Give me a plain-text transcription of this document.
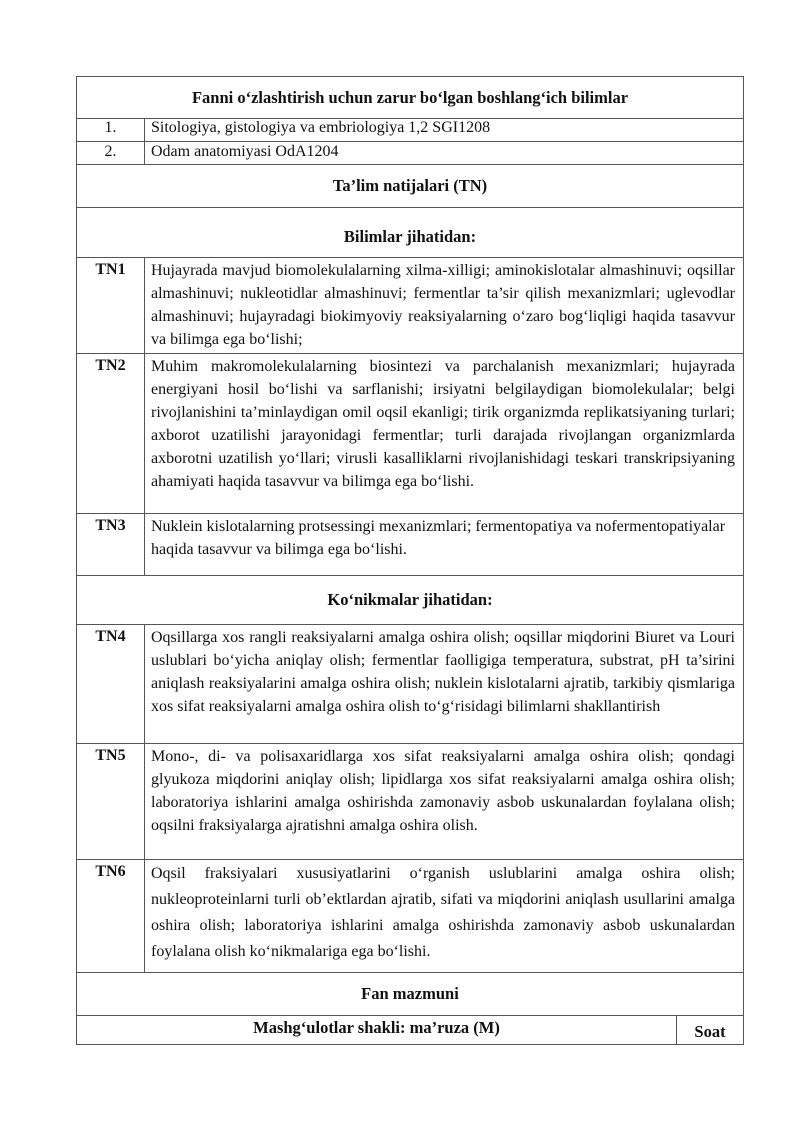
Fanni o‘zlashtirish uchun zarur bo‘lgan boshlang‘ich bilimlar
1.	Sitologiya, gistologiya va embriologiya 1,2 SGI1208
2.	Odam anatomiyasi OdA1204
Ta’lim natijalari (TN)
Bilimlar jihatidan:
TN1	Hujayrada mavjud biomolekulalarning xilma-xilligi; aminokislotalar almashinuvi; oqsillar almashinuvi; nukleotidlar almashinuvi; fermentlar ta’sir qilish mexanizmlari; uglevodlar almashinuvi; hujayradagi biokimyoviy reaksiyalarning o‘zaro bog‘liqligi haqida tasavvur va bilimga ega bo‘lishi;
TN2	Muhim makromolekulalarning biosintezi va parchalanish mexanizmlari; hujayrada energiyani hosil bo‘lishi va sarflanishi; irsiyatni belgilaydigan biomolekulalar; belgi rivojlanishini ta’minlaydigan omil oqsil ekanligi; tirik organizmda replikatsiyaning turlari; axborot uzatilishi jarayonidagi fermentlar; turli darajada rivojlangan organizmlarda axborotni uzatilish yo‘llari; virusli kasalliklarni rivojlanishidagi teskari transkripsiyaning ahamiyati haqida tasavvur va bilimga ega bo‘lishi.
TN3	Nuklein kislotalarning protsessingi mexanizmlari; fermentopatiya va nofermentopatiyalar haqida tasavvur va bilimga ega bo‘lishi.
Ko‘nikmalar jihatidan:
TN4	Oqsillarga xos rangli reaksiyalarni amalga oshira olish; oqsillar miqdorini Biuret va Louri uslublari bo‘yicha aniqlay olish; fermentlar faolligiga temperatura, substrat, pH ta’sirini aniqlash reaksiyalarini amalga oshira olish; nuklein kislotalarni ajratib, tarkibiy qismlariga xos sifat reaksiyalarni amalga oshira olish to‘g‘risidagi bilimlarni shakllantirish
TN5	Mono-, di- va polisaxaridlarga xos sifat reaksiyalarni amalga oshira olish; qondagi glyukoza miqdorini aniqlay olish; lipidlarga xos sifat reaksiyalarni amalga oshira olish; laboratoriya ishlarini amalga oshirishda zamonaviy asbob uskunalardan foylalana olish; oqsilni fraksiyalarga ajratishni amalga oshira olish.
TN6	Oqsil fraksiyalari xususiyatlarini o‘rganish uslublarini amalga oshira olish; nukleoproteinlarni turli ob’ektlardan ajratib, sifati va miqdorini aniqlash usullarini amalga oshira olish; laboratoriya ishlarini amalga oshirishda zamonaviy asbob uskunalardan foylalana olish ko‘nikmalariga ega bo‘lishi.
Fan mazmuni
Mashg‘ulotlar shakli: ma’ruza (M)	Soat
